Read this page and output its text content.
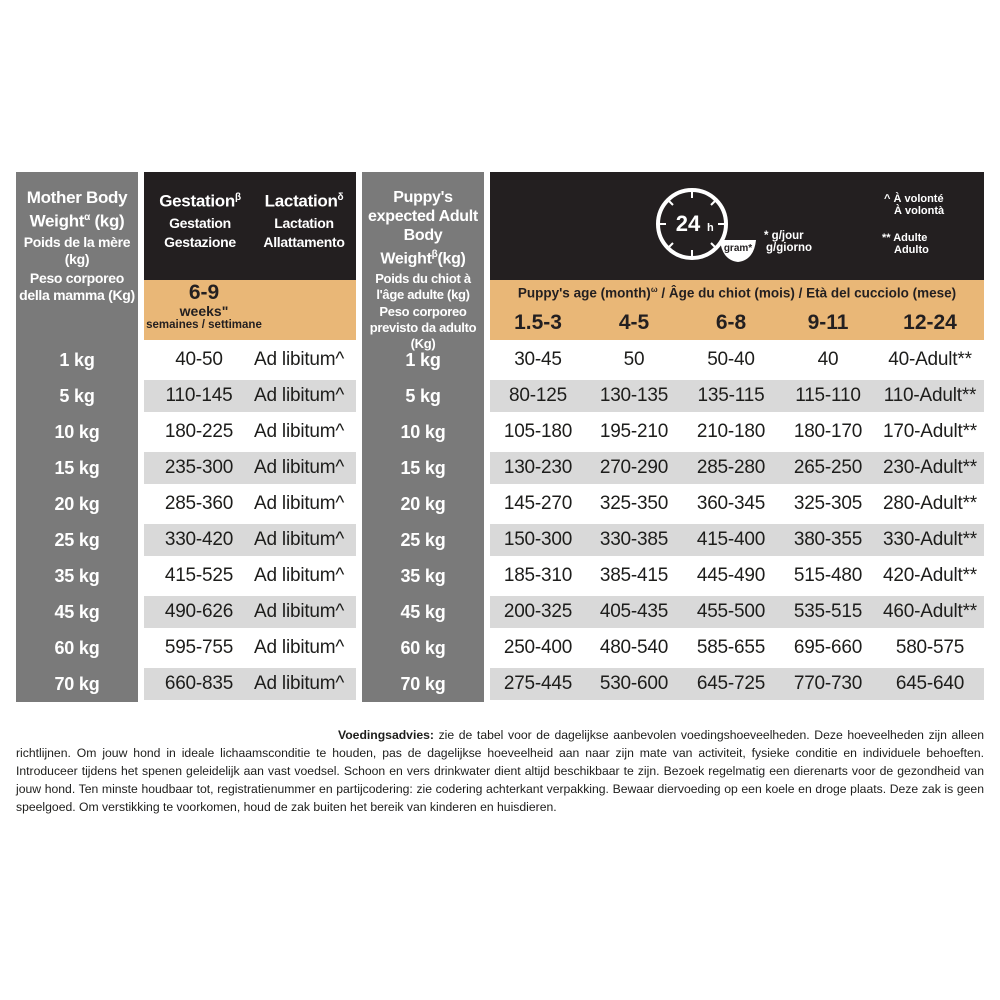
Mother Body Weight$^\alpha$ (kg)
Poids de la mère (kg)
Peso corporeo della mamma (Kg)
Gestation$^\beta$
Gestation
Gestazione
Lactation$^\delta$
Lactation
Allattamento
6-9
weeks"
semaines / settimane
Puppy's expected Adult Body Weight$^\beta$(kg)
Poids du chiot à l'âge adulte (kg)
Peso corporeo previsto da adulto (Kg)
24 h
gram*
* g/jour
g/giorno
^ À volonté
À volontà
** Adulte
Adulto
Puppy's age (month)$^\omega$ / Âge du chiot (mois) / Età del cucciolo (mese)
1.5-3	4-5	6-8	9-11	12-24
1 kg	40-50	Ad libitum^	1 kg	30-45	50	50-40	40	40-Adult**
5 kg	110-145	Ad libitum^	5 kg	80-125	130-135	135-115	115-110	110-Adult**
10 kg	180-225	Ad libitum^	10 kg	105-180	195-210	210-180	180-170	170-Adult**
15 kg	235-300	Ad libitum^	15 kg	130-230	270-290	285-280	265-250	230-Adult**
20 kg	285-360	Ad libitum^	20 kg	145-270	325-350	360-345	325-305	280-Adult**
25 kg	330-420	Ad libitum^	25 kg	150-300	330-385	415-400	380-355	330-Adult**
35 kg	415-525	Ad libitum^	35 kg	185-310	385-415	445-490	515-480	420-Adult**
45 kg	490-626	Ad libitum^	45 kg	200-325	405-435	455-500	535-515	460-Adult**
60 kg	595-755	Ad libitum^	60 kg	250-400	480-540	585-655	695-660	580-575
70 kg	660-835	Ad libitum^	70 kg	275-445	530-600	645-725	770-730	645-640
Voedingsadvies: zie de tabel voor de dagelijkse aanbevolen voedingshoeveelheden. Deze hoeveelheden zijn alleen richtlijnen. Om jouw hond in ideale lichaamsconditie te houden, pas de dagelijkse hoeveelheid aan naar zijn mate van activiteit, fysieke conditie en individuele behoeften. Introduceer tijdens het spenen geleidelijk aan vast voedsel. Schoon en vers drinkwater dient altijd beschikbaar te zijn. Bezoek regelmatig een dierenarts voor de gezondheid van jouw hond. Ten minste houdbaar tot, registratienummer en partijcodering: zie codering achterkant verpakking. Bewaar diervoeding op een koele en droge plaats. Deze zak is geen speelgoed. Om verstikking te voorkomen, houd de zak buiten het bereik van kinderen en huisdieren.
